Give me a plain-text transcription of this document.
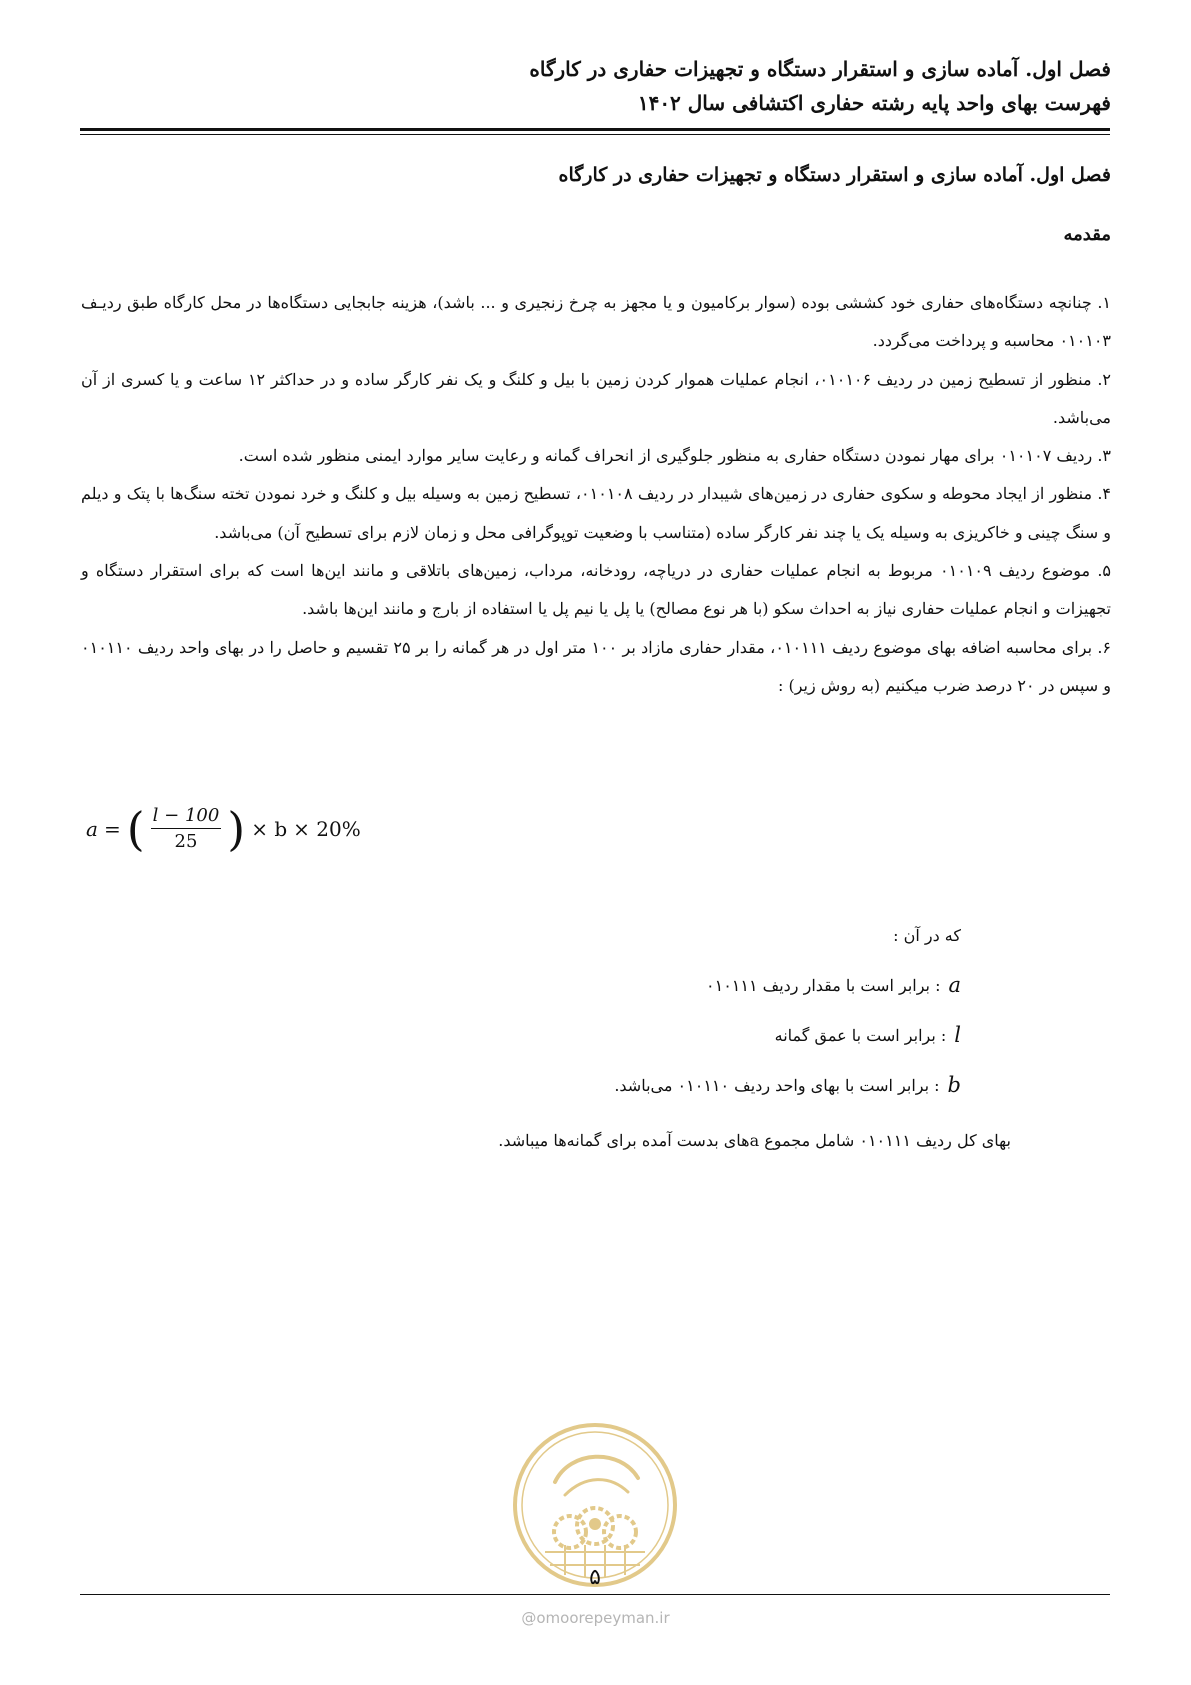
فصل اول. آماده سازی و استقرار دستگاه و تجهیزات حفاری در کارگاه
فهرست بهای واحد پایه رشته حفاری اکتشافی سال ۱۴۰۲
فصل اول. آماده سازی و استقرار دستگاه و تجهیزات حفاری در کارگاه
مقدمه

۱. چنانچه دستگاه‌های حفاری خود کششی بوده (سوار برکامیون و یا مجهز به چرخ زنجیری و ... باشد)، هزینه جابجایی دستگاه‌ها در محل کارگاه طبق ردیـف ۰۱۰۱۰۳ محاسبه و پرداخت می‌گردد.

۲. منظور از تسطیح زمین در ردیف ۰۱۰۱۰۶، انجام عملیات هموار کردن زمین با بیل و کلنگ و یک نفر کارگر ساده و در حداکثر ۱۲ ساعت و یا کسری از آن می‌باشد.

۳. ردیف ۰۱۰۱۰۷ برای مهار نمودن دستگاه حفاری به منظور جلوگیری از انحراف گمانه و رعایت سایر موارد ایمنی منظور شده است.

۴. منظور از ایجاد محوطه و سکوی حفاری در زمین‌های شیبدار در ردیف ۰۱۰۱۰۸، تسطیح زمین به وسیله بیل و کلنگ و خرد نمودن تخته سنگ‌ها با پتک و دیلم و سنگ چینی و خاکریزی به وسیله یک یا چند نفر کارگر ساده (متناسب با وضعیت توپوگرافی محل و زمان لازم برای تسطیح آن) می‌باشد.

۵. موضوع ردیف ۰۱۰۱۰۹ مربوط به انجام عملیات حفاری در دریاچه، رودخانه، مرداب، زمین‌های باتلاقی و مانند این‌ها است که برای استقرار دستگاه و تجهیزات و انجام عملیات حفاری نیاز به احداث سکو (با هر نوع مصالح) یا پل یا نیم پل یا استفاده از بارج و مانند این‌ها باشد.

۶. برای محاسبه اضافه بهای موضوع ردیف ۰۱۰۱۱۱، مقدار حفاری مازاد بر ۱۰۰ متر اول در هر گمانه را بر ۲۵ تقسیم و حاصل را در بهای واحد ردیف ۰۱۰۱۱۰ و سپس در ۲۰ درصد ضرب میکنیم (به روش زیر) :

a = ( $\frac{l - 100}{25}$ ) × b × 20%
که در آن :
a
: برابر است با مقدار ردیف ۰۱۰۱۱۱
l
: برابر است با عمق گمانه
b
: برابر است با بهای واحد ردیف ۰۱۰۱۱۰ می‌باشد.
بهای کل ردیف ۰۱۰۱۱۱ شامل مجموع aهای بدست آمده برای گمانه‌ها میباشد.
۵
@omoorepeyman.ir
